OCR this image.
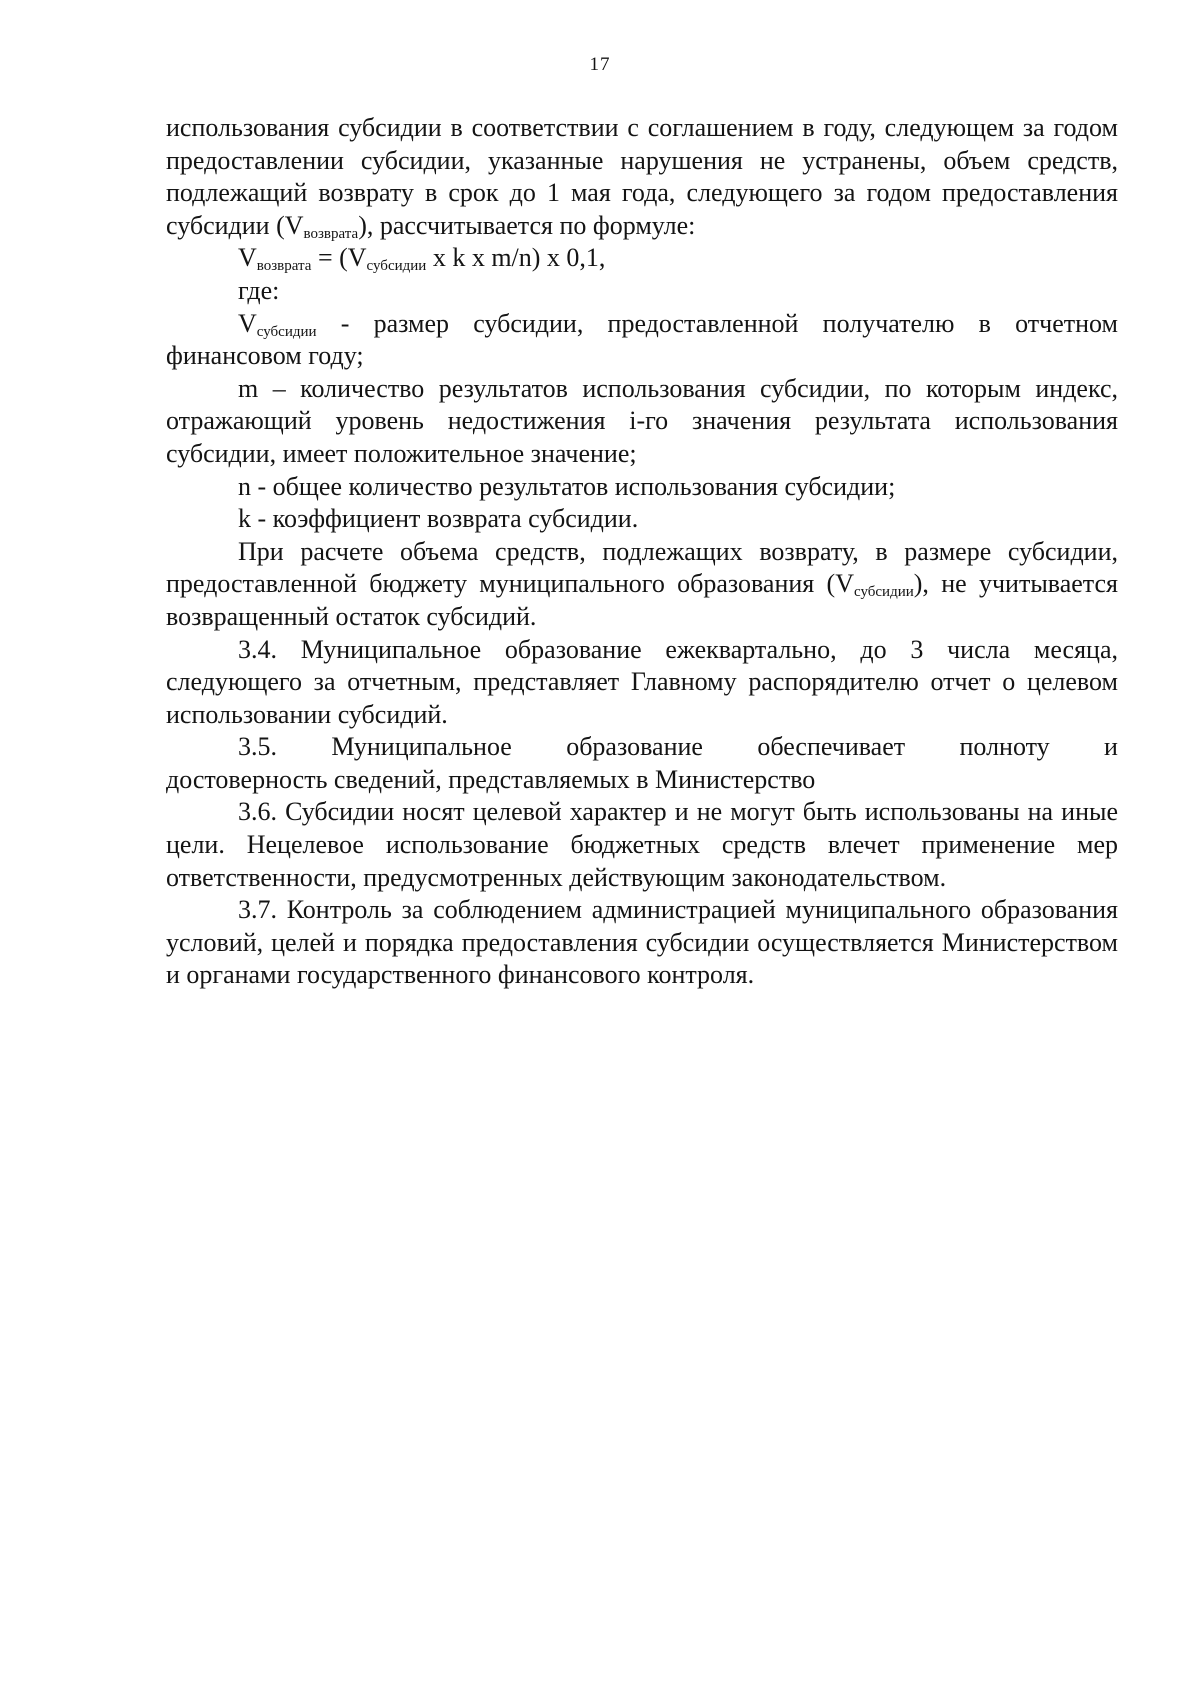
17

использования субсидии в соответствии с соглашением в году, следующем за годом предоставлении субсидии, указанные нарушения не устранены, объем средств, подлежащий возврату в срок до 1 мая года, следующего за годом предоставления субсидии $(V_{возврата})$, рассчитывается по формуле:

$V_{возврата} = (V_{субсидии}$ x k x m/n) x 0,1,

где:

$V_{субсидии}$ - размер субсидии, предоставленной получателю в отчетном финансовом году;

m – количество результатов использования субсидии, по которым индекс, отражающий уровень недостижения i-го значения результата использования субсидии, имеет положительное значение;

n - общее количество результатов использования субсидии;

k - коэффициент возврата субсидии.

При расчете объема средств, подлежащих возврату, в размере субсидии, предоставленной бюджету муниципального образования $(V_{субсидии})$, не учитывается возвращенный остаток субсидий.

3.4. Муниципальное образование ежеквартально, до 3 числа месяца, следующего за отчетным, представляет Главному распорядителю отчет о целевом использовании субсидий.

3.5. Муниципальное образование обеспечивает полноту и

достоверность сведений, представляемых в Министерство

3.6. Субсидии носят целевой характер и не могут быть использованы на иные цели. Нецелевое использование бюджетных средств влечет применение мер ответственности, предусмотренных действующим законодательством.

3.7. Контроль за соблюдением администрацией муниципального образования условий, целей и порядка предоставления субсидии осуществляется Министерством и органами государственного финансового контроля.
